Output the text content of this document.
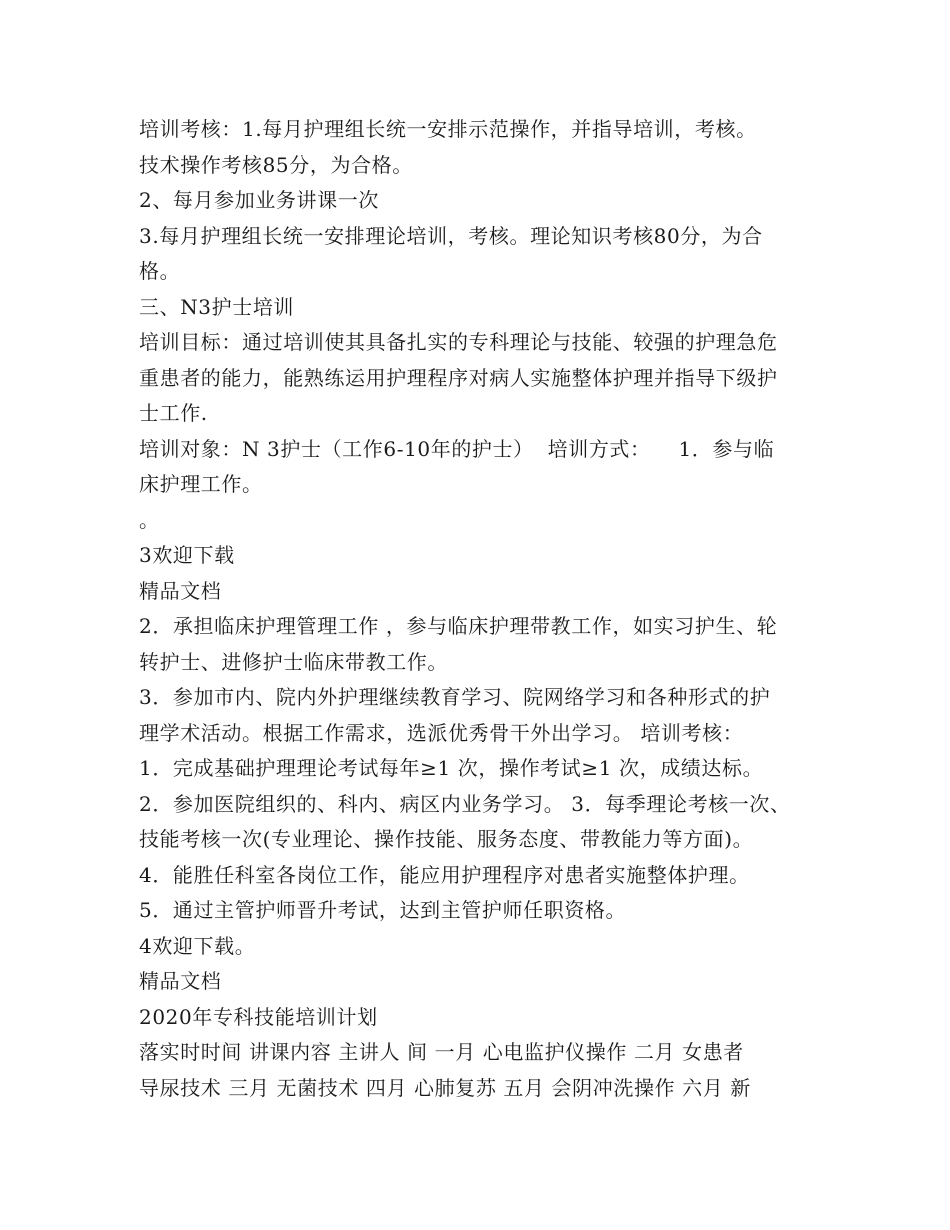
培训考核：1.每月护理组长统一安排示范操作，并指导培训，考核。
技术操作考核85分，为合格。
2、每月参加业务讲课一次
3.每月护理组长统一安排理论培训，考核。理论知识考核80分，为合
格。
三、N3护士培训
培训目标：通过培训使其具备扎实的专科理论与技能、较强的护理急危
重患者的能力，能熟练运用护理程序对病人实施整体护理并指导下级护
士工作.
培训对象：N 3护士（工作6-10年的护士）  培训方式：    1．参与临
床护理工作。
。
3欢迎下载
精品文档
2．承担临床护理管理工作 ，参与临床护理带教工作，如实习护生、轮
转护士、进修护士临床带教工作。
3．参加市内、院内外护理继续教育学习、院网络学习和各种形式的护
理学术活动。根据工作需求，选派优秀骨干外出学习。 培训考核：
1．完成基础护理理论考试每年≥1 次，操作考试≥1 次，成绩达标。
2．参加医院组织的、科内、病区内业务学习。 3．每季理论考核一次、
技能考核一次(专业理论、操作技能、服务态度、带教能力等方面)。
4．能胜任科室各岗位工作，能应用护理程序对患者实施整体护理。
5．通过主管护师晋升考试，达到主管护师任职资格。
4欢迎下载。
精品文档
2020年专科技能培训计划
落实时时间 讲课内容 主讲人 间 一月 心电监护仪操作 二月 女患者
导尿技术 三月 无菌技术 四月 心肺复苏 五月 会阴冲洗操作 六月 新
